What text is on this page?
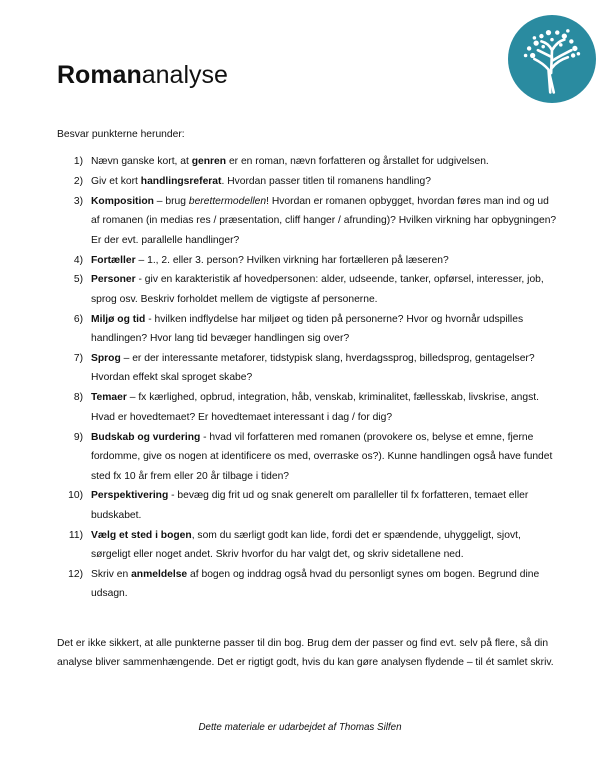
Romananalyse
Besvar punkterne herunder:
1) Nævn ganske kort, at genren er en roman, nævn forfatteren og årstallet for udgivelsen.
2) Giv et kort handlingsreferat. Hvordan passer titlen til romanens handling?
3) Komposition – brug berettermodellen! Hvordan er romanen opbygget, hvordan føres man ind og ud af romanen (in medias res / præsentation, cliff hanger / afrunding)? Hvilken virkning har opbygningen? Er der evt. parallelle handlinger?
4) Fortæller – 1., 2. eller 3. person? Hvilken virkning har fortælleren på læseren?
5) Personer - giv en karakteristik af hovedpersonen: alder, udseende, tanker, opførsel, interesser, job, sprog osv. Beskriv forholdet mellem de vigtigste af personerne.
6) Miljø og tid - hvilken indflydelse har miljøet og tiden på personerne? Hvor og hvornår udspilles handlingen? Hvor lang tid bevæger handlingen sig over?
7) Sprog – er der interessante metaforer, tidstypisk slang, hverdagssprog, billedsprog, gentagelser? Hvordan effekt skal sproget skabe?
8) Temaer – fx kærlighed, opbrud, integration, håb, venskab, kriminalitet, fællesskab, livskrise, angst. Hvad er hovedtemaet? Er hovedtemaet interessant i dag / for dig?
9) Budskab og vurdering - hvad vil forfatteren med romanen (provokere os, belyse et emne, fjerne fordomme, give os nogen at identificere os med, overraske os?). Kunne handlingen også have fundet sted fx 10 år frem eller 20 år tilbage i tiden?
10) Perspektivering - bevæg dig frit ud og snak generelt om paralleller til fx forfatteren, temaet eller budskabet.
11) Vælg et sted i bogen, som du særligt godt kan lide, fordi det er spændende, uhyggeligt, sjovt, sørgeligt eller noget andet. Skriv hvorfor du har valgt det, og skriv sidetallene ned.
12) Skriv en anmeldelse af bogen og inddrag også hvad du personligt synes om bogen. Begrund dine udsagn.
Det er ikke sikkert, at alle punkterne passer til din bog. Brug dem der passer og find evt. selv på flere, så din analyse bliver sammenhængende. Det er rigtigt godt, hvis du kan gøre analysen flydende – til ét samlet skriv.
Dette materiale er udarbejdet af Thomas Silfen
